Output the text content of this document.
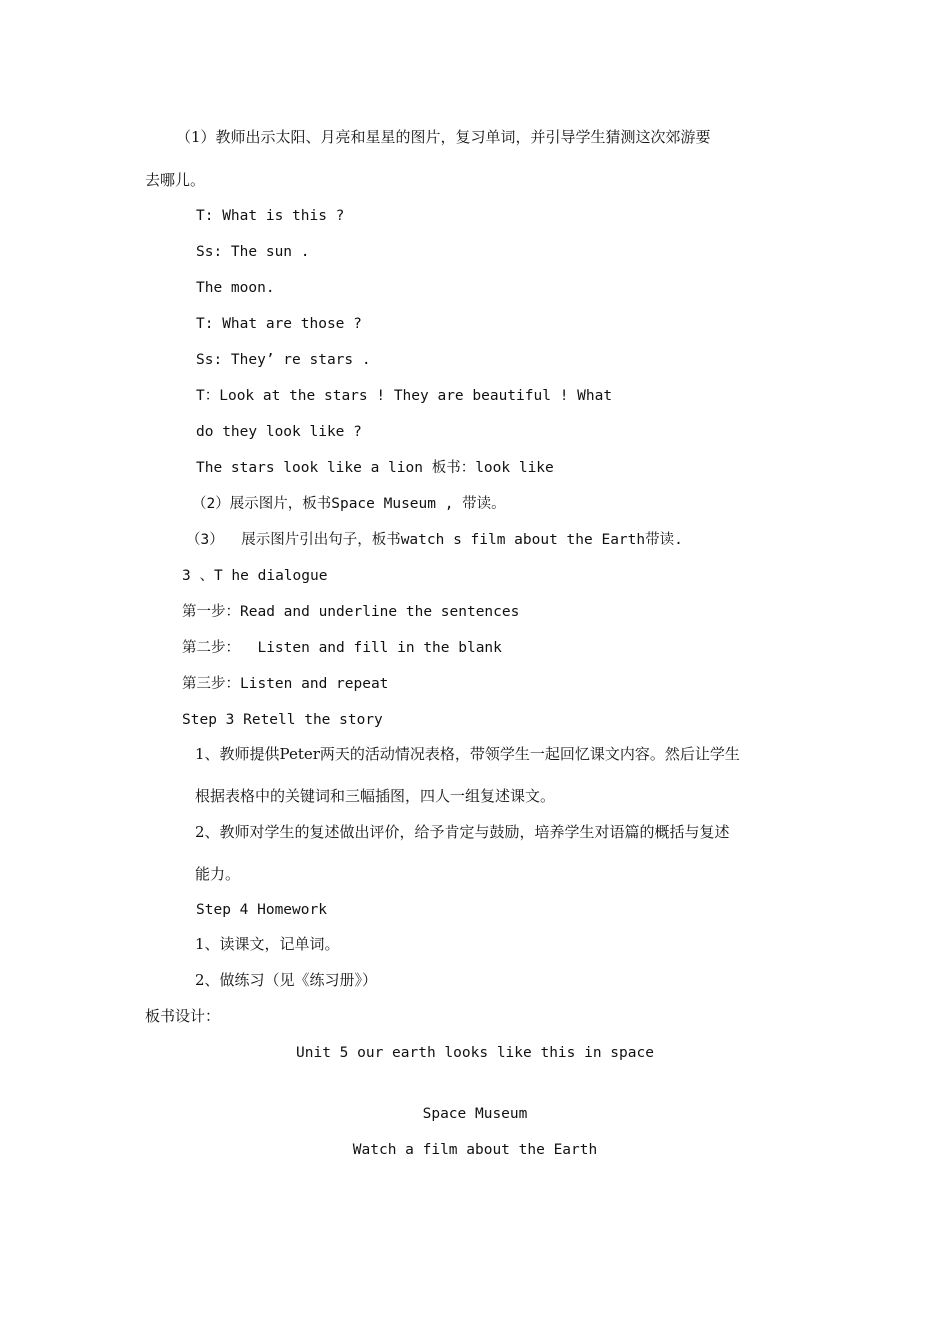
（1）教师出示太阳、月亮和星星的图片，复习单词，并引导学生猜测这次郊游要
去哪儿。
T: What is this ?
Ss: The sun .
The moon.
T: What are those ?
Ss: They’ re stars .
T：Look at the stars ! They are beautiful ! What
do they look like ?
The stars look like a lion 板书：look like
（2）展示图片，板书Space Museum , 带读。
（3）  展示图片引出句子，板书watch s film about the Earth带读.
3 、T he dialogue
第一步：Read and underline the sentences
第二步：  Listen and fill in the blank
第三步：Listen and repeat
Step 3 Retell the story
1、教师提供Peter两天的活动情况表格，带领学生一起回忆课文内容。然后让学生
根据表格中的关键词和三幅插图，四人一组复述课文。
2、教师对学生的复述做出评价，给予肯定与鼓励，培养学生对语篇的概括与复述
能力。
Step 4 Homework
1、读课文，记单词。
2、做练习（见《练习册》）
板书设计：
Unit 5 our earth looks like this in space
Space Museum
Watch a film about the Earth
